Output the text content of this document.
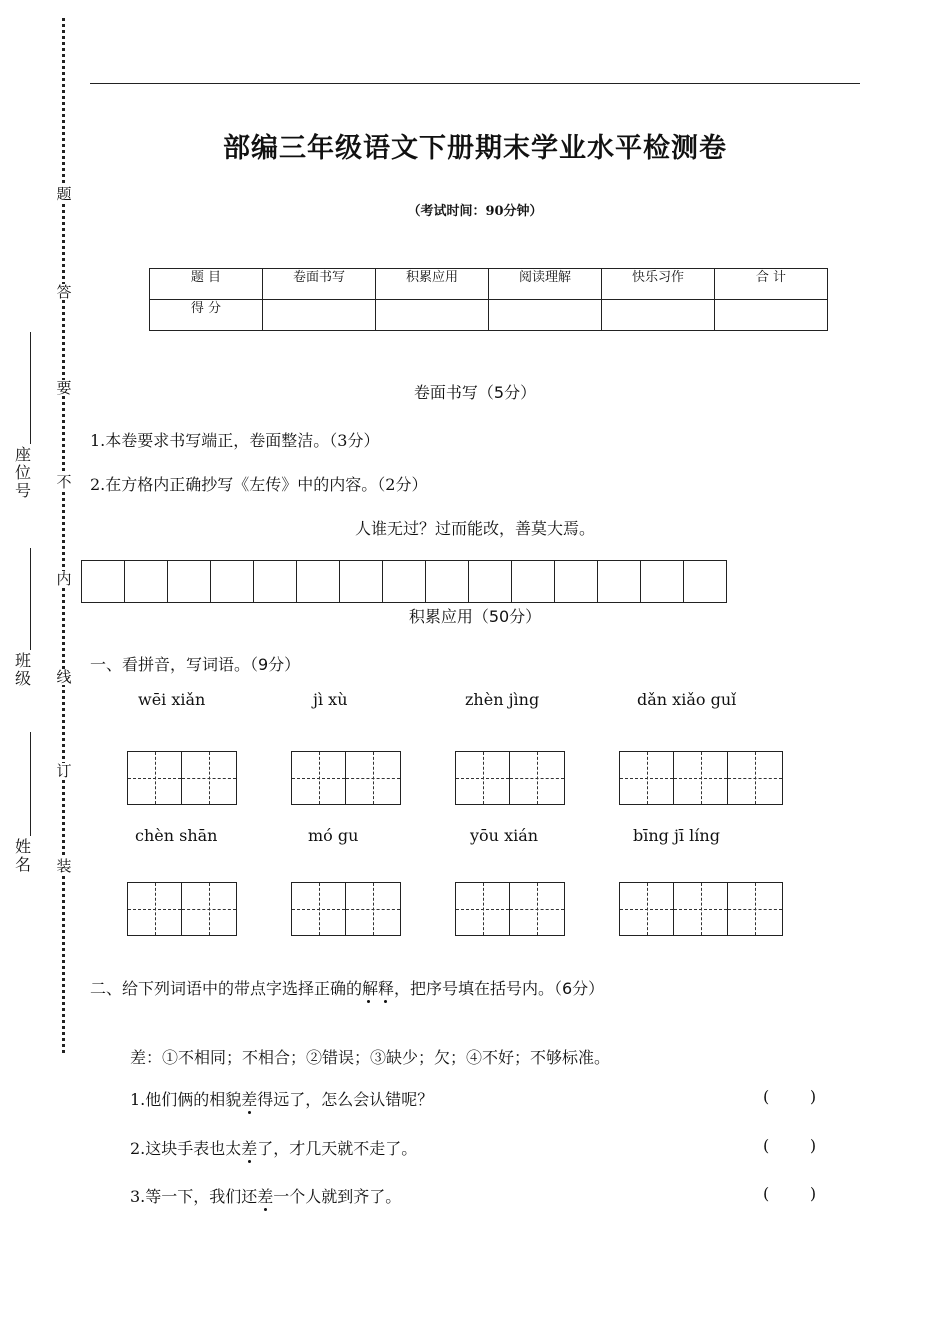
题
答
要
不
内
线
订
装
座位号
班级
姓名
部编三年级语文下册期末学业水平检测卷
（考试时间：90分钟）
题 目	卷面书写	积累应用	阅读理解	快乐习作	合 计
得 分					
卷面书写（5分）
1.本卷要求书写端正，卷面整洁。（3分）
2.在方格内正确抄写《左传》中的内容。（2分）
人谁无过？过而能改，善莫大焉。
积累应用（50分）
一、看拼音，写词语。（9分）
wēi xiǎn	jì xù	zhèn jìng	dǎn xiǎo guǐ
chèn shān	mó gu	yōu xián	bīng jī líng
二、给下列词语中的带点字选择正确的解释，把序号填在括号内。（6分）
差：①不相同；不相合；②错误；③缺少；欠；④不好；不够标准。
1.他们俩的相貌差得远了，怎么会认错呢？	(        )
2.这块手表也太差了，才几天就不走了。	(        )
3.等一下，我们还差一个人就到齐了。	(        )
